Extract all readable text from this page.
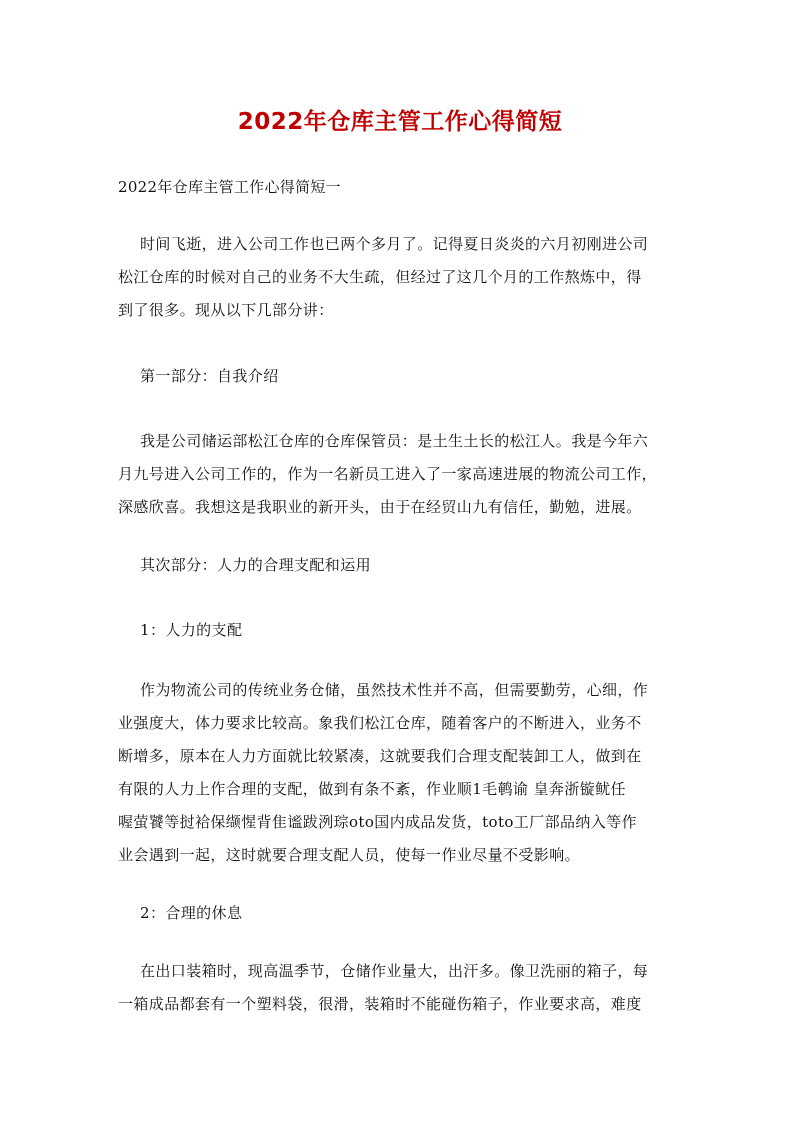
2022年仓库主管工作心得简短
2022年仓库主管工作心得简短一
时间飞逝，进入公司工作也已两个多月了。记得夏日炎炎的六月初刚进公司
松江仓库的时候对自己的业务不大生疏，但经过了这几个月的工作熬炼中，得
到了很多。现从以下几部分讲：
第一部分：自我介绍
我是公司储运部松江仓库的仓库保管员：是土生土长的松江人。我是今年六
月九号进入公司工作的，作为一名新员工进入了一家高速进展的物流公司工作，
深感欣喜。我想这是我职业的新开头，由于在经贸山九有信任，勤勉，进展。
其次部分：人力的合理支配和运用
1：人力的支配
作为物流公司的传统业务仓储，虽然技术性并不高，但需要勤劳，心细，作
业强度大，体力要求比较高。象我们松江仓库，随着客户的不断进入，业务不
断增多，原本在人力方面就比较紧凑，这就要我们合理支配装卸工人，做到在
有限的人力上作合理的支配，做到有条不紊，作业顺1毛鹌谕 皇奔浙镟鱿任
喔萤饕等挝袷保缬惺背隹谧跋洌琮oto国内成品发货，toto工厂部品纳入等作
业会遇到一起，这时就要合理支配人员，使每一作业尽量不受影响。
2：合理的休息
在出口装箱时，现高温季节，仓储作业量大，出汗多。像卫洗丽的箱子，每
一箱成品都套有一个塑料袋，很滑，装箱时不能碰伤箱子，作业要求高，难度
